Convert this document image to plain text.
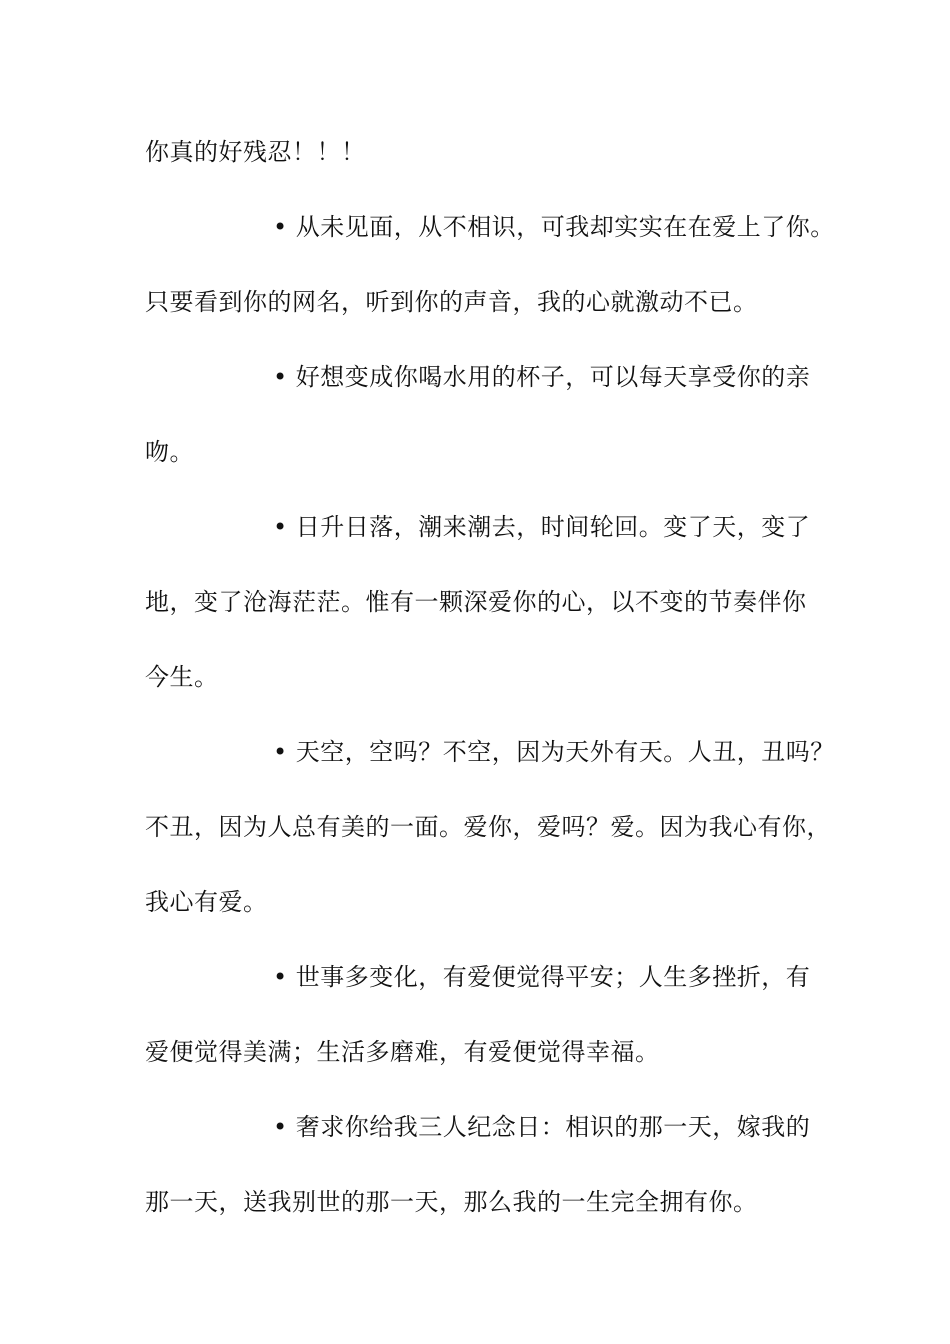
你真的好残忍！！！
• 从未见面，从不相识，可我却实实在在爱上了你。
只要看到你的网名，听到你的声音，我的心就激动不已。
• 好想变成你喝水用的杯子，可以每天享受你的亲
吻。
• 日升日落，潮来潮去，时间轮回。变了天，变了
地，变了沧海茫茫。惟有一颗深爱你的心，以不变的节奏伴你
今生。
• 天空，空吗？不空，因为天外有天。人丑，丑吗？
不丑，因为人总有美的一面。爱你，爱吗？爱。因为我心有你，
我心有爱。
• 世事多变化，有爱便觉得平安；人生多挫折，有
爱便觉得美满；生活多磨难，有爱便觉得幸福。
• 奢求你给我三人纪念日：相识的那一天，嫁我的
那一天，送我别世的那一天，那么我的一生完全拥有你。
